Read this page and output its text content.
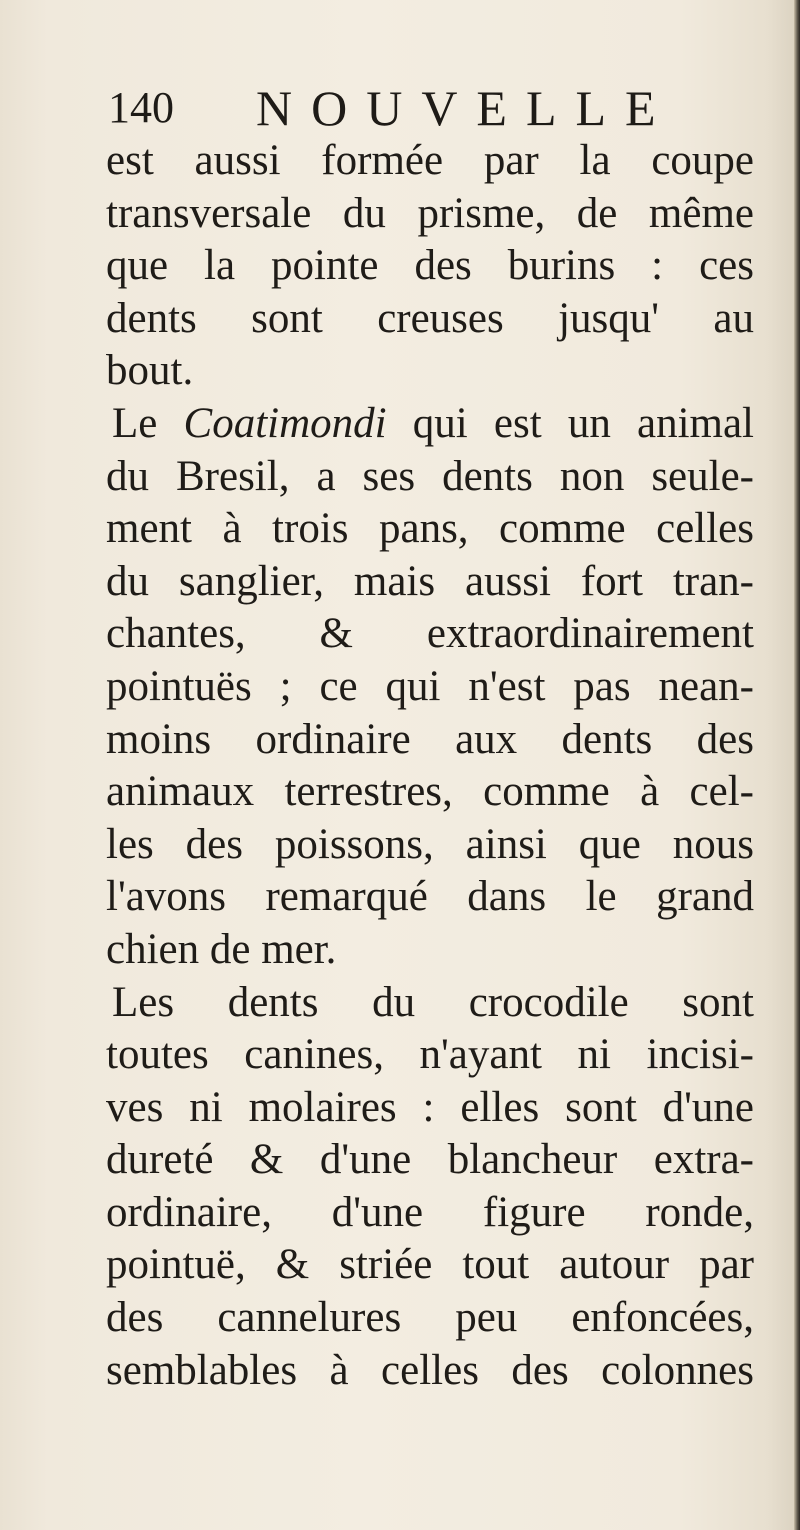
140 NOUVELLE
est aussi formée par la coupe
transversale du prisme, de même
que la pointe des burins : ces
dents sont creuses jusqu' au
bout.
Le Coatimondi qui est un animal
du Bresil, a ses dents non seule-
ment à trois pans, comme celles
du sanglier, mais aussi fort tran-
chantes, & extraordinairement
pointuës ; ce qui n'est pas nean-
moins ordinaire aux dents des
animaux terrestres, comme à cel-
les des poissons, ainsi que nous
l'avons remarqué dans le grand
chien de mer.
Les dents du crocodile sont
toutes canines, n'ayant ni incisi-
ves ni molaires : elles sont d'une
dureté & d'une blancheur extra-
ordinaire, d'une figure ronde,
pointuë, & striée tout autour par
des cannelures peu enfoncées,
semblables à celles des colonnes
